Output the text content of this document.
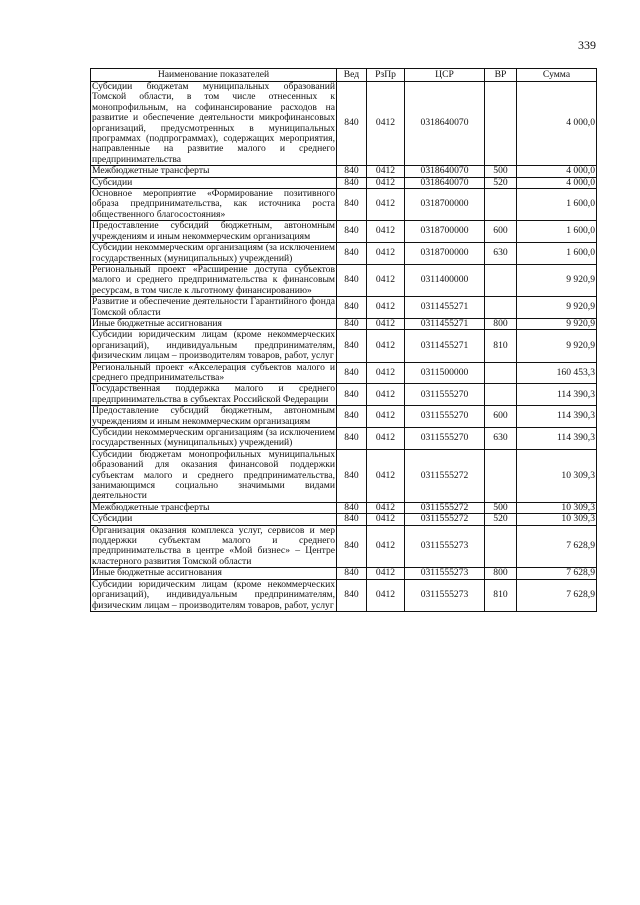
339
Наименование показателей	Вед	РзПр	ЦСР	ВР	Сумма
Субсидии бюджетам муниципальных образований Томской области, в том числе отнесенных к монопрофильным, на софинансирование расходов на развитие и обеспечение деятельности микрофинансовых организаций, предусмотренных в муниципальных программах (подпрограммах), содержащих мероприятия, направленные на развитие малого и среднего предпринимательства	840	0412	0318640070		4 000,0
Межбюджетные трансферты	840	0412	0318640070	500	4 000,0
Субсидии	840	0412	0318640070	520	4 000,0
Основное мероприятие «Формирование позитивного образа предпринимательства, как источника роста общественного благосостояния»	840	0412	0318700000		1 600,0
Предоставление субсидий бюджетным, автономным учреждениям и иным некоммерческим организациям	840	0412	0318700000	600	1 600,0
Субсидии некоммерческим организациям (за исключением государственных (муниципальных) учреждений)	840	0412	0318700000	630	1 600,0
Региональный проект «Расширение доступа субъектов малого и среднего предпринимательства к финансовым ресурсам, в том числе к льготному финансированию»	840	0412	0311400000		9 920,9
Развитие и обеспечение деятельности Гарантийного фонда Томской области	840	0412	0311455271		9 920,9
Иные бюджетные ассигнования	840	0412	0311455271	800	9 920,9
Субсидии юридическим лицам (кроме некоммерческих организаций), индивидуальным предпринимателям, физическим лицам – производителям товаров, работ, услуг	840	0412	0311455271	810	9 920,9
Региональный проект «Акселерация субъектов малого и среднего предпринимательства»	840	0412	0311500000		160 453,3
Государственная поддержка малого и среднего предпринимательства в субъектах Российской Федерации	840	0412	0311555270		114 390,3
Предоставление субсидий бюджетным, автономным учреждениям и иным некоммерческим организациям	840	0412	0311555270	600	114 390,3
Субсидии некоммерческим организациям (за исключением государственных (муниципальных) учреждений)	840	0412	0311555270	630	114 390,3
Субсидии бюджетам монопрофильных муниципальных образований для оказания финансовой поддержки субъектам малого и среднего предпринимательства, занимающимся социально значимыми видами деятельности	840	0412	0311555272		10 309,3
Межбюджетные трансферты	840	0412	0311555272	500	10 309,3
Субсидии	840	0412	0311555272	520	10 309,3
Организация оказания комплекса услуг, сервисов и мер поддержки субъектам малого и среднего предпринимательства в центре «Мой бизнес» – Центре кластерного развития Томской области	840	0412	0311555273		7 628,9
Иные бюджетные ассигнования	840	0412	0311555273	800	7 628,9
Субсидии юридическим лицам (кроме некоммерческих организаций), индивидуальным предпринимателям, физическим лицам – производителям товаров, работ, услуг	840	0412	0311555273	810	7 628,9
